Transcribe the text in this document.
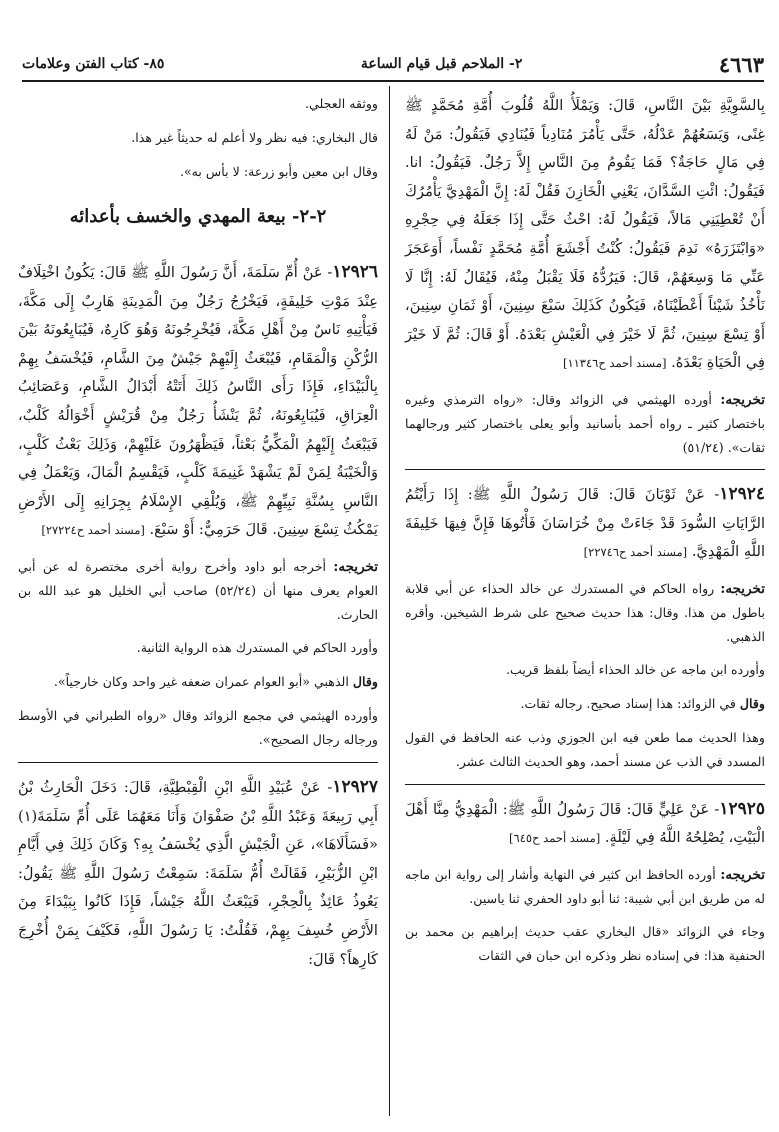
٤٦٦٣
٢- الملاحم قبل قيام الساعة
٨٥- كتاب الفتن وعلامات

بِالسَّوِيَّةِ بَيْنَ النَّاسِ، قَالَ: وَيَمْلَأُ اللَّهُ قُلُوبَ أُمَّةِ مُحَمَّدٍ ﷺ غِنًى، وَيَسَعُهُمْ عَدْلُهُ، حَتَّى يَأْمُرَ مُنَادِياً فَيُنَادِي فَيَقُولُ: مَنْ لَهُ فِي مَالٍ حَاجَةٌ؟ فَمَا يَقُومُ مِنَ النَّاسِ إِلاَّ رَجُلٌ. فَيَقُولُ: انا. فَيَقُولُ: ائْتِ السَّدَّانَ، يَعْنِي الْخَازِنَ فَقُلْ لَهُ: إِنَّ الْمَهْدِيَّ يَأْمُرُكَ أَنْ تُعْطِيَنِي مَالاً، فَيَقُولُ لَهُ: احْثُ حَتَّى إِذَا جَعَلَهُ فِي حِجْرِهِ «وَابْتَزَرَهُ» نَدِمَ فَيَقُولُ: كُنْتُ أَجْشَعَ أُمَّةِ مُحَمَّدٍ نَفْساً، أَوَعَجَزَ عَنِّي مَا وَسِعَهُمْ، قَالَ: فَيَرُدُّهُ فَلَا يَقْبَلُ مِنْهُ، فَيُقَالُ لَهُ: إِنَّا لَا نَأْخُذُ شَيْئاً أَعْطَيْنَاهُ، فَيَكُونُ كَذَلِكَ سَبْعَ سِنِينَ، أَوْ ثَمَانِ سِنِينَ، أَوْ تِسْعَ سِنِينَ، ثُمَّ لَا خَيْرَ فِي الْعَيْشِ بَعْدَهُ. أَوْ قَالَ: ثُمَّ لَا خَيْرَ فِي الْحَيَاةِ بَعْدَهُ. [مسند أحمد ح١١٣٤٦]

تخريجه: أورده الهيثمي في الزوائد وقال: «رواه الترمذي وغيره باختصار كثير ـ رواه أحمد بأسانيد وأبو يعلى باختصار كثير ورجالهما ثقات». (٥١/٢٤)

١٢٩٢٤- عَنْ ثَوْبَانَ قَالَ: قَالَ رَسُولُ اللَّهِ ﷺ: إِذَا رَأَيْتُمُ الرَّايَاتِ السُّودَ قَدْ جَاءَتْ مِنْ خُرَاسَانَ فَأْتُوهَا فَإِنَّ فِيهَا خَلِيفَةَ اللَّهِ الْمَهْدِيَّ. [مسند أحمد ح٢٢٧٤٦]

تخريجه: رواه الحاكم في المستدرك عن خالد الحذاء عن أبي قلابة باطول من هذا. وقال: هذا حديث صحيح على شرط الشيخين. وأقره الذهبي.

وأورده ابن ماجه عن خالد الحذاء أيضاً بلفظ قريب.

وقال في الزوائد: هذا إسناد صحيح. رجاله ثقات.

وهذا الحديث مما طعن فيه ابن الجوزي وذب عنه الحافظ في القول المسدد في الذب عن مسند أحمد، وهو الحديث الثالث عشر.

١٢٩٢٥- عَنْ عَلِيٍّ قَالَ: قَالَ رَسُولُ اللَّهِ ﷺ: الْمَهْدِيُّ مِنَّا أَهْلَ الْبَيْتِ، يُصْلِحُهُ اللَّهُ فِي لَيْلَةٍ. [مسند أحمد ح٦٤٥]

تخريجه: أورده الحافظ ابن كثير في النهاية وأشار إلى رواية ابن ماجه له من طريق ابن أبي شيبة: ثنا أبو داود الحفري ثنا ياسين.

وجاء في الزوائد «قال البخاري عقب حديث إبراهيم بن محمد بن الحنفية هذا: في إسناده نظر وذكره ابن حبان في الثقات

ووثقه العجلي.

قال البخاري: فيه نظر ولا أعلم له حديثاً غير هذا.

وقال ابن معين وأبو زرعة: لا بأس به».

٢-٢- بيعة المهدي والخسف بأعدائه

١٢٩٢٦- عَنْ أُمِّ سَلَمَةَ، أَنَّ رَسُولَ اللَّهِ ﷺ قَالَ: يَكُونُ اخْتِلَافٌ عِنْدَ مَوْتِ خَلِيفَةٍ، فَيَخْرُجُ رَجُلٌ مِنَ الْمَدِينَةِ هَارِبٌ إِلَى مَكَّةَ، فَيَأْتِيهِ نَاسٌ مِنْ أَهْلِ مَكَّةَ، فَيُخْرِجُونَهُ وَهُوَ كَارِهٌ، فَيُبَايِعُونَهُ بَيْنَ الرُّكْنِ وَالْمَقَامِ، فَيُبْعَثُ إِلَيْهِمْ جَيْشٌ مِنَ الشَّامِ، فَيُخْسَفُ بِهِمْ بِالْبَيْدَاءِ، فَإِذَا رَأَى النَّاسُ ذَلِكَ أَتَتْهُ أَبْدَالُ الشَّامِ، وَعَصَائِبُ الْعِرَاقِ، فَيُبَايِعُونَهُ، ثُمَّ يَنْشَأُ رَجُلٌ مِنْ قُرَيْشٍ أَخْوَالُهُ كَلْبٌ، فَيَبْعَثُ إِلَيْهِمُ الْمَكِّيُّ بَعْثاً، فَيَظْهَرُونَ عَلَيْهِمْ، وَذَلِكَ بَعْثُ كَلْبٍ، وَالْخَيْبَةُ لِمَنْ لَمْ يَشْهَدْ غَنِيمَةَ كَلْبٍ، فَيَقْسِمُ الْمَالَ، وَيَعْمَلُ فِي النَّاسِ بِسُنَّةِ نَبِيِّهِمْ ﷺ، وَيُلْقِي الإِسْلَامُ بِجِرَانِهِ إِلَى الأَرْضِ يَمْكُثُ تِسْعَ سِنِينَ. قَالَ حَرَمِيٌّ: أَوْ سَبْعَ. [مسند أحمد ح٢٧٢٢٤]

تخريجه: أخرجه أبو داود وأخرج رواية أخرى مختصرة له عن أبي العوام يعرف منها أن (٥٢/٢٤) صاحب أبي الخليل هو عبد الله بن الحارث.

وأورد الحاكم في المستدرك هذه الرواية الثانية.

وقال الذهبي «أبو العوام عمران ضعفه غير واحد وكان خارجياً».

وأورده الهيثمي في مجمع الزوائد وقال «رواه الطبراني في الأوسط ورجاله رجال الصحيح».

١٢٩٢٧- عَنْ عُبَيْدِ اللَّهِ ابْنِ الْقِبْطِيَّةِ، قَالَ: دَخَلَ الْحَارِثُ بْنُ أَبِي رَبِيعَةَ وَعَبْدُ اللَّهِ بْنُ صَفْوَانَ وَأَنَا مَعَهُمَا عَلَى أُمِّ سَلَمَةَ(١) «فَسَأَلَاهَا»، عَنِ الْجَيْشِ الَّذِي يُخْسَفُ بِهِ؟ وَكَانَ ذَلِكَ فِي أَيَّامِ ابْنِ الزُّبَيْرِ، فَقَالَتْ أُمُّ سَلَمَةَ: سَمِعْتُ رَسُولَ اللَّهِ ﷺ يَقُولُ: يَعُوذُ عَائِذٌ بِالْحِجْرِ، فَيَبْعَثُ اللَّهُ جَيْشاً، فَإِذَا كَانُوا بِبَيْدَاءَ مِنَ الأَرْضِ خُسِفَ بِهِمْ، فَقُلْتُ: يَا رَسُولَ اللَّهِ، فَكَيْفَ بِمَنْ أُخْرِجَ كَارِهاً؟ قَالَ:
